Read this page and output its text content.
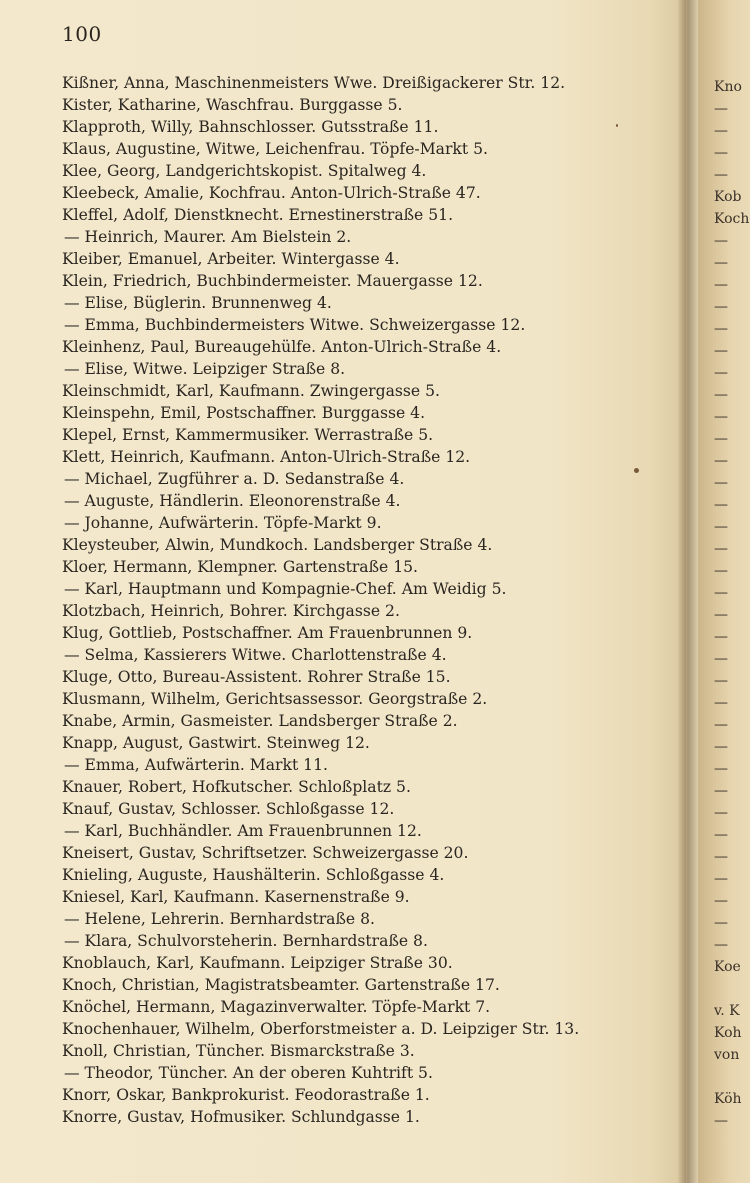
100
Kißner, Anna, Maschinenmeisters Wwe. Dreißigackerer Str. 12.
Kister, Katharine, Waschfrau. Burggasse 5.
Klapproth, Willy, Bahnschlosser. Gutsstraße 11.
Klaus, Augustine, Witwe, Leichenfrau. Töpfe-Markt 5.
Klee, Georg, Landgerichtskopist. Spitalweg 4.
Kleebeck, Amalie, Kochfrau. Anton-Ulrich-Straße 47.
Kleffel, Adolf, Dienstknecht. Ernestinerstraße 51.
— Heinrich, Maurer. Am Bielstein 2.
Kleiber, Emanuel, Arbeiter. Wintergasse 4.
Klein, Friedrich, Buchbindermeister. Mauergasse 12.
— Elise, Büglerin. Brunnenweg 4.
— Emma, Buchbindermeisters Witwe. Schweizergasse 12.
Kleinhenz, Paul, Bureaugehülfe. Anton-Ulrich-Straße 4.
— Elise, Witwe. Leipziger Straße 8.
Kleinschmidt, Karl, Kaufmann. Zwingergasse 5.
Kleinspehn, Emil, Postschaffner. Burggasse 4.
Klepel, Ernst, Kammermusiker. Werrastraße 5.
Klett, Heinrich, Kaufmann. Anton-Ulrich-Straße 12.
— Michael, Zugführer a. D. Sedanstraße 4.
— Auguste, Händlerin. Eleonorenstraße 4.
— Johanne, Aufwärterin. Töpfe-Markt 9.
Kleysteuber, Alwin, Mundkoch. Landsberger Straße 4.
Kloer, Hermann, Klempner. Gartenstraße 15.
— Karl, Hauptmann und Kompagnie-Chef. Am Weidig 5.
Klotzbach, Heinrich, Bohrer. Kirchgasse 2.
Klug, Gottlieb, Postschaffner. Am Frauenbrunnen 9.
— Selma, Kassierers Witwe. Charlottenstraße 4.
Kluge, Otto, Bureau-Assistent. Rohrer Straße 15.
Klusmann, Wilhelm, Gerichtsassessor. Georgstraße 2.
Knabe, Armin, Gasmeister. Landsberger Straße 2.
Knapp, August, Gastwirt. Steinweg 12.
— Emma, Aufwärterin. Markt 11.
Knauer, Robert, Hofkutscher. Schloßplatz 5.
Knauf, Gustav, Schlosser. Schloßgasse 12.
— Karl, Buchhändler. Am Frauenbrunnen 12.
Kneisert, Gustav, Schriftsetzer. Schweizergasse 20.
Knieling, Auguste, Haushälterin. Schloßgasse 4.
Kniesel, Karl, Kaufmann. Kasernenstraße 9.
— Helene, Lehrerin. Bernhardstraße 8.
— Klara, Schulvorsteherin. Bernhardstraße 8.
Knoblauch, Karl, Kaufmann. Leipziger Straße 30.
Knoch, Christian, Magistratsbeamter. Gartenstraße 17.
Knöchel, Hermann, Magazinverwalter. Töpfe-Markt 7.
Knochenhauer, Wilhelm, Oberforstmeister a. D. Leipziger Str. 13.
Knoll, Christian, Tüncher. Bismarckstraße 3.
— Theodor, Tüncher. An der oberen Kuhtrift 5.
Knorr, Oskar, Bankprokurist. Feodorastraße 1.
Knorre, Gustav, Hofmusiker. Schlundgasse 1.
Kno
—
—
—
—
Kob
Koch
—
—
—
—
—
—
—
—
—
—
—
—
—
—
—
—
—
—
—
—
—
—
—
—
—
—
—
—
—
—
—
—
—
Koe
v. K
Koh
von
Köh
—
